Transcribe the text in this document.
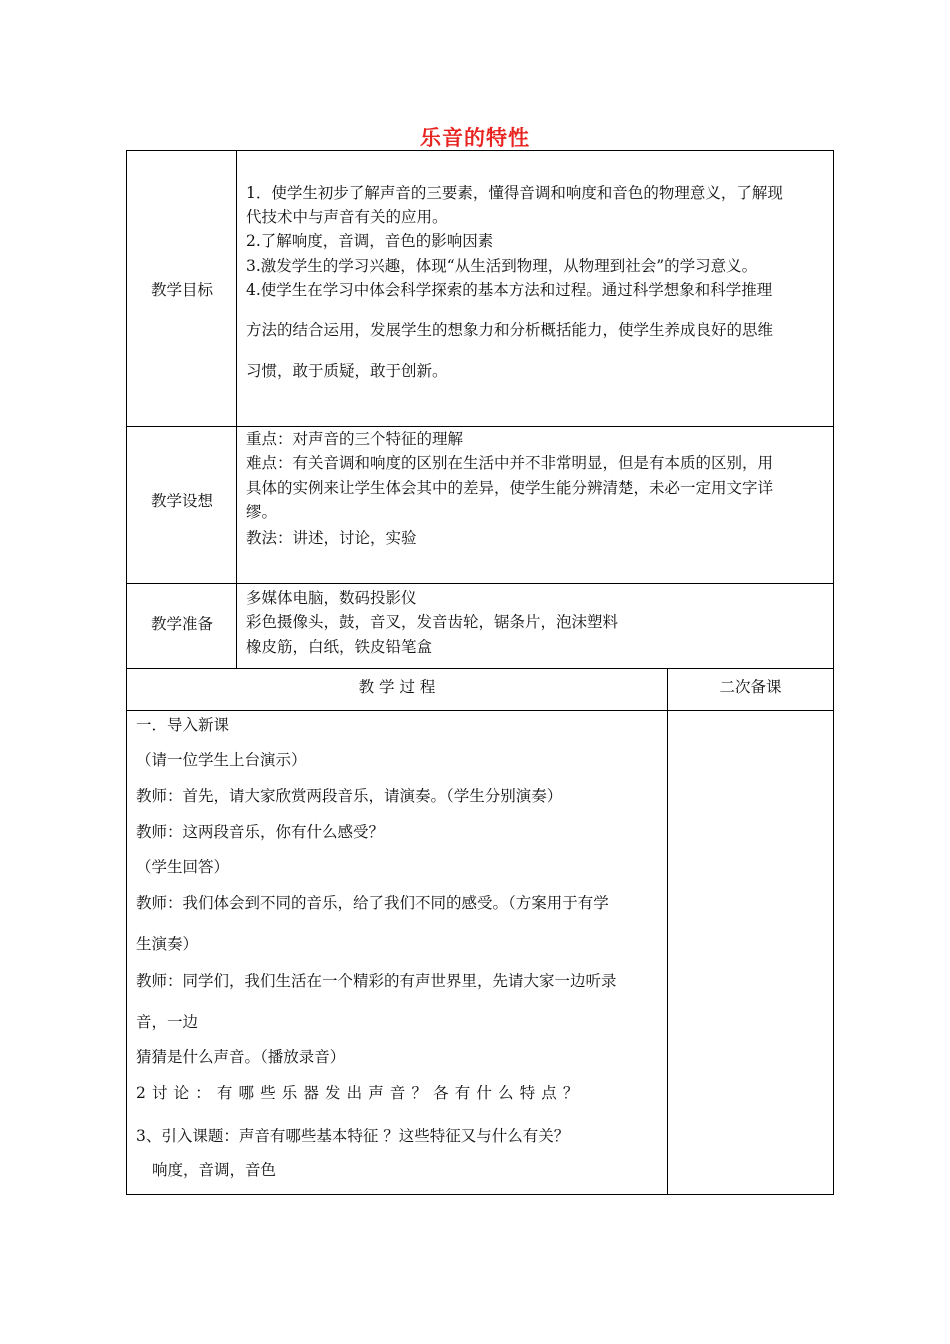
乐音的特性
教学目标
1．使学生初步了解声音的三要素，懂得音调和响度和音色的物理意义，了解现
代技术中与声音有关的应用。
2.了解响度，音调，音色的影响因素
3.激发学生的学习兴趣，体现“从生活到物理，从物理到社会”的学习意义。
4.使学生在学习中体会科学探索的基本方法和过程。通过科学想象和科学推理
方法的结合运用，发展学生的想象力和分析概括能力，使学生养成良好的思维
习惯，敢于质疑，敢于创新。
教学设想
重点：对声音的三个特征的理解
难点：有关音调和响度的区别在生活中并不非常明显，但是有本质的区别，用
具体的实例来让学生体会其中的差异，使学生能分辨清楚，未必一定用文字详
缪。
教法：讲述，讨论，实验
教学准备
多媒体电脑，数码投影仪
彩色摄像头，鼓，音叉，发音齿轮，锯条片，泡沫塑料
橡皮筋，白纸，铁皮铅笔盒
教 学 过 程	二次备课
一．导入新课
（请一位学生上台演示）
教师：首先，请大家欣赏两段音乐，请演奏。（学生分别演奏）
教师：这两段音乐，你有什么感受？
（学生回答）
教师：我们体会到不同的音乐，给了我们不同的感受。（方案用于有学
生演奏）
教师：同学们，我们生活在一个精彩的有声世界里，先请大家一边听录
音，一边
猜猜是什么声音。（播放录音）
2 讨 论 ： 有 哪 些 乐 器 发 出 声 音 ？ 各 有 什 么 特 点 ？
3、引入课题：声音有哪些基本特征 ？这些特征又与什么有关？
响度，音调，音色
